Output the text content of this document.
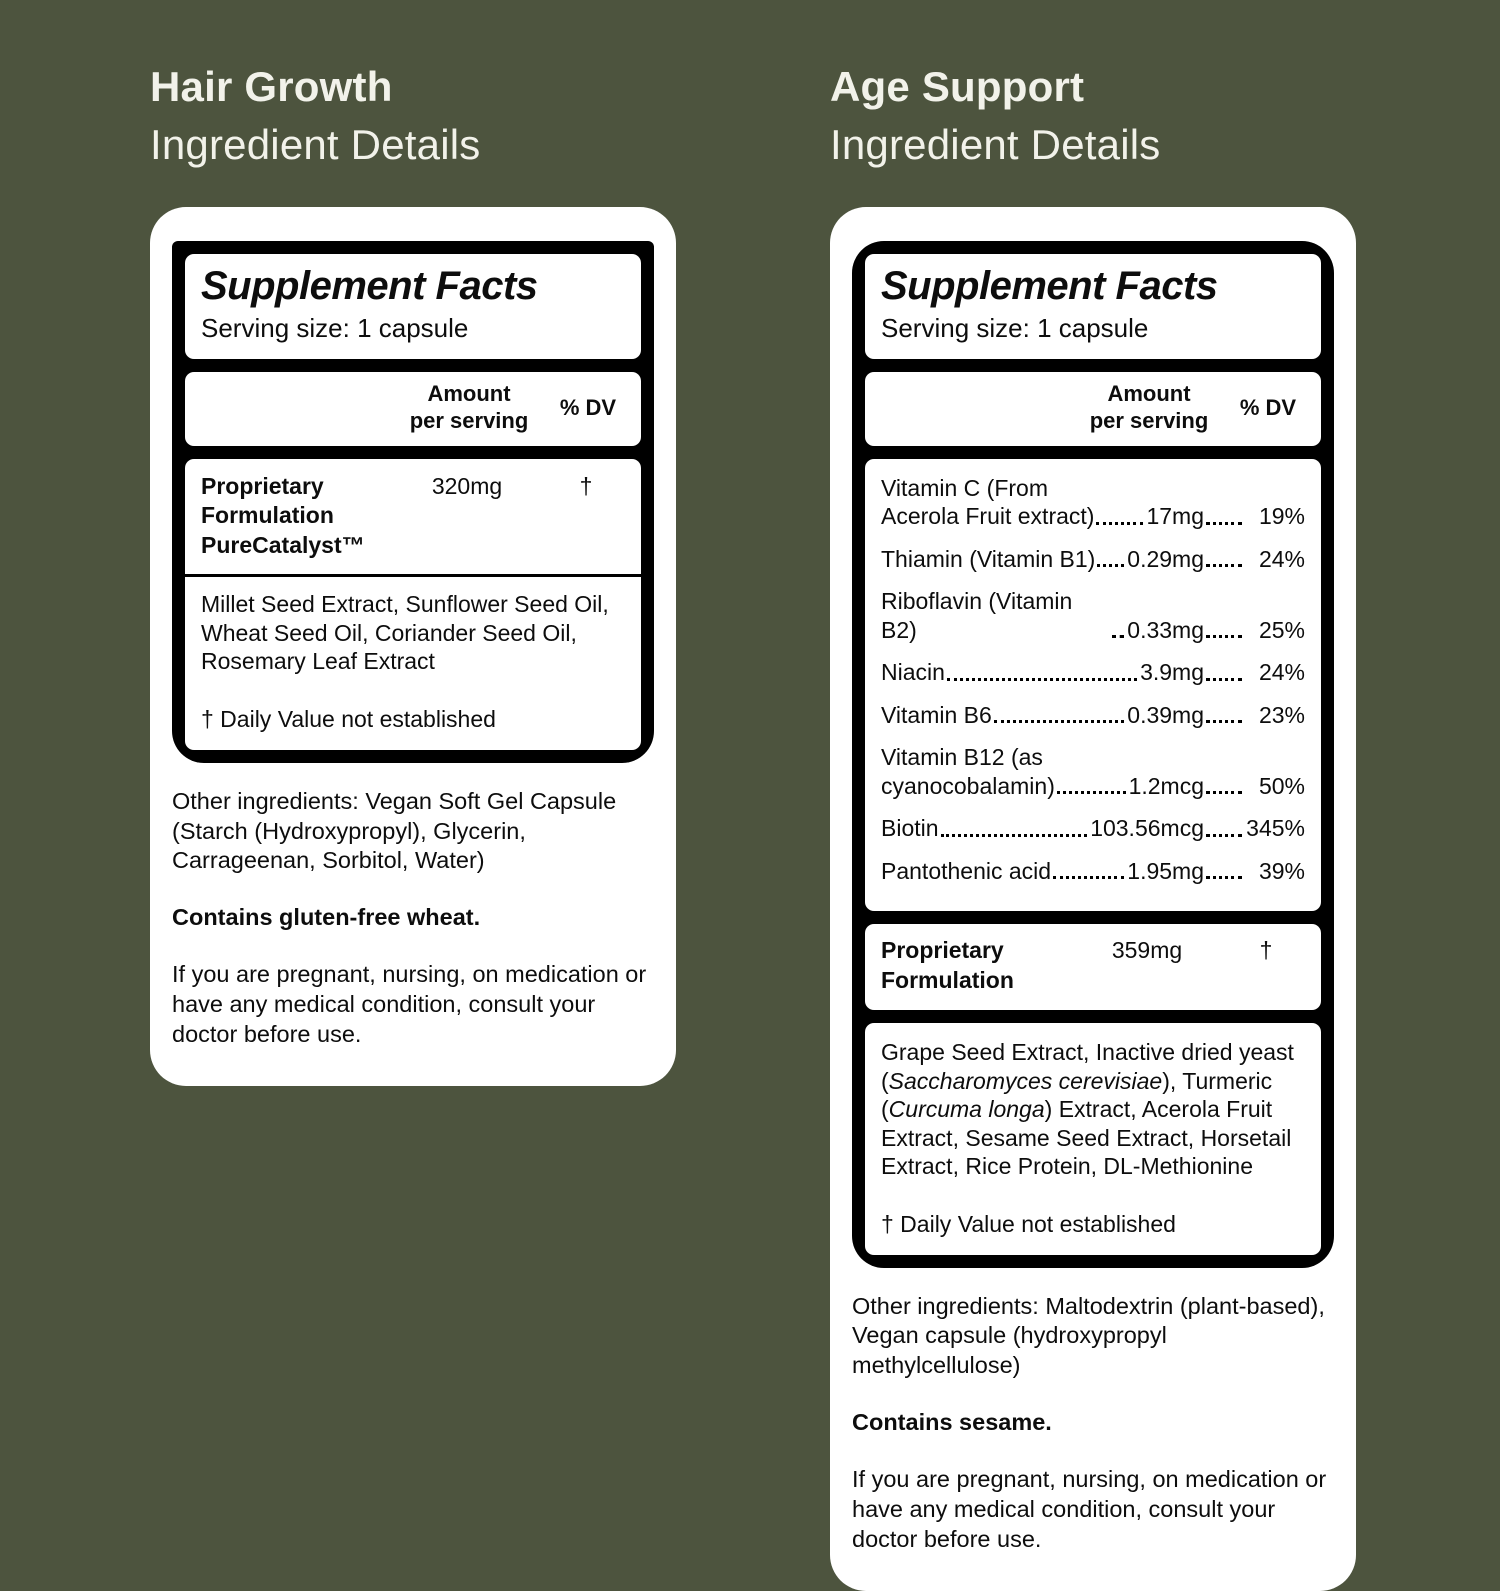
Hair Growth
Ingredient Details
Supplement Facts
Serving size: 1 capsule
Amount
per serving
% DV
Proprietary
Formulation
PureCatalyst™
320mg	†
Millet Seed Extract, Sunflower Seed Oil, Wheat Seed Oil, Coriander Seed Oil, Rosemary Leaf Extract
† Daily Value not established
Other ingredients: Vegan Soft Gel Capsule (Starch (Hydroxypropyl), Glycerin, Carrageenan, Sorbitol, Water)
Contains gluten-free wheat.
If you are pregnant, nursing, on medication or have any medical condition, consult your doctor before use.
Age Support
Ingredient Details
Supplement Facts
Serving size: 1 capsule
Amount
per serving
% DV
Vitamin C (From
Acerola Fruit extract) 17mg	19%
Thiamin (Vitamin B1) 0.29mg	24%
Riboflavin (Vitamin B2)	0.33mg	25%
Niacin	3.9mg	24%
Vitamin B6	0.39mg	23%
Vitamin B12 (as
cyanocobalamin)	1.2mcg	50%
Biotin	103.56mcg 345%
Pantothenic acid	1.95mg	39%
Proprietary
Formulation
359mg	†
Grape Seed Extract, Inactive dried yeast (Saccharomyces cerevisiae), Turmeric (Curcuma longa) Extract, Acerola Fruit Extract, Sesame Seed Extract, Horsetail Extract, Rice Protein, DL-Methionine
† Daily Value not established
Other ingredients: Maltodextrin (plant-based), Vegan capsule (hydroxypropyl methylcellulose)
Contains sesame.
If you are pregnant, nursing, on medication or have any medical condition, consult your doctor before use.
